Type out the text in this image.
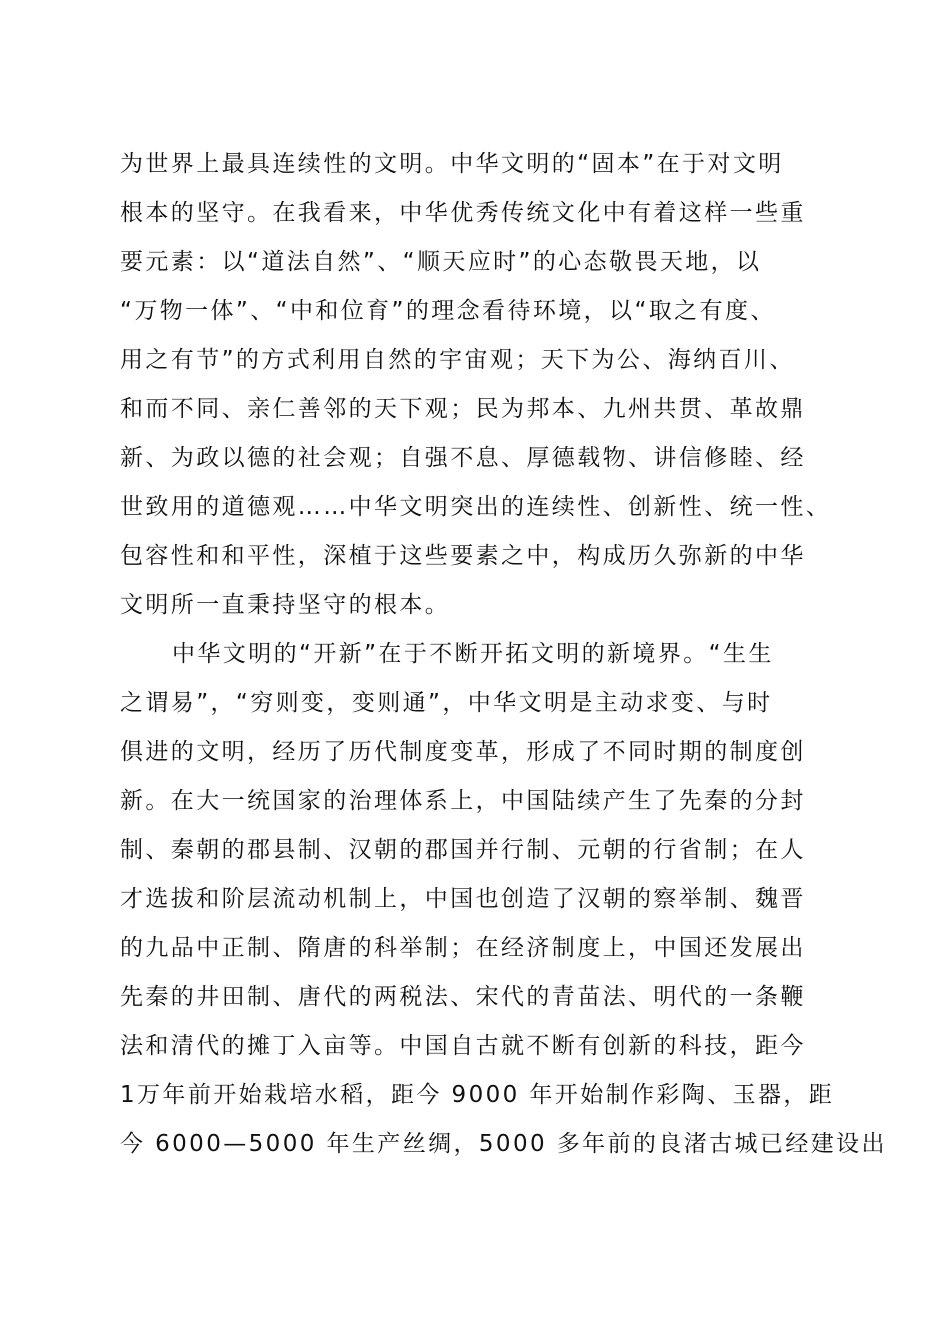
为世界上最具连续性的文明。中华文明的“固本”在于对文明
根本的坚守。在我看来，中华优秀传统文化中有着这样一些重
要元素：以“道法自然”、“顺天应时”的心态敬畏天地，以
“万物一体”、“中和位育”的理念看待环境，以“取之有度、
用之有节”的方式利用自然的宇宙观；天下为公、海纳百川、
和而不同、亲仁善邻的天下观；民为邦本、九州共贯、革故鼎
新、为政以德的社会观；自强不息、厚德载物、讲信修睦、经
世致用的道德观……中华文明突出的连续性、创新性、统一性、
包容性和和平性，深植于这些要素之中，构成历久弥新的中华
文明所一直秉持坚守的根本。
中华文明的“开新”在于不断开拓文明的新境界。“生生
之谓易”，“穷则变，变则通”，中华文明是主动求变、与时
俱进的文明，经历了历代制度变革，形成了不同时期的制度创
新。在大一统国家的治理体系上，中国陆续产生了先秦的分封
制、秦朝的郡县制、汉朝的郡国并行制、元朝的行省制；在人
才选拔和阶层流动机制上，中国也创造了汉朝的察举制、魏晋
的九品中正制、隋唐的科举制；在经济制度上，中国还发展出
先秦的井田制、唐代的两税法、宋代的青苗法、明代的一条鞭
法和清代的摊丁入亩等。中国自古就不断有创新的科技，距今
1万年前开始栽培水稻，距今 9000 年开始制作彩陶、玉器，距
今 6000—5000 年生产丝绸，5000 多年前的良渚古城已经建设出
